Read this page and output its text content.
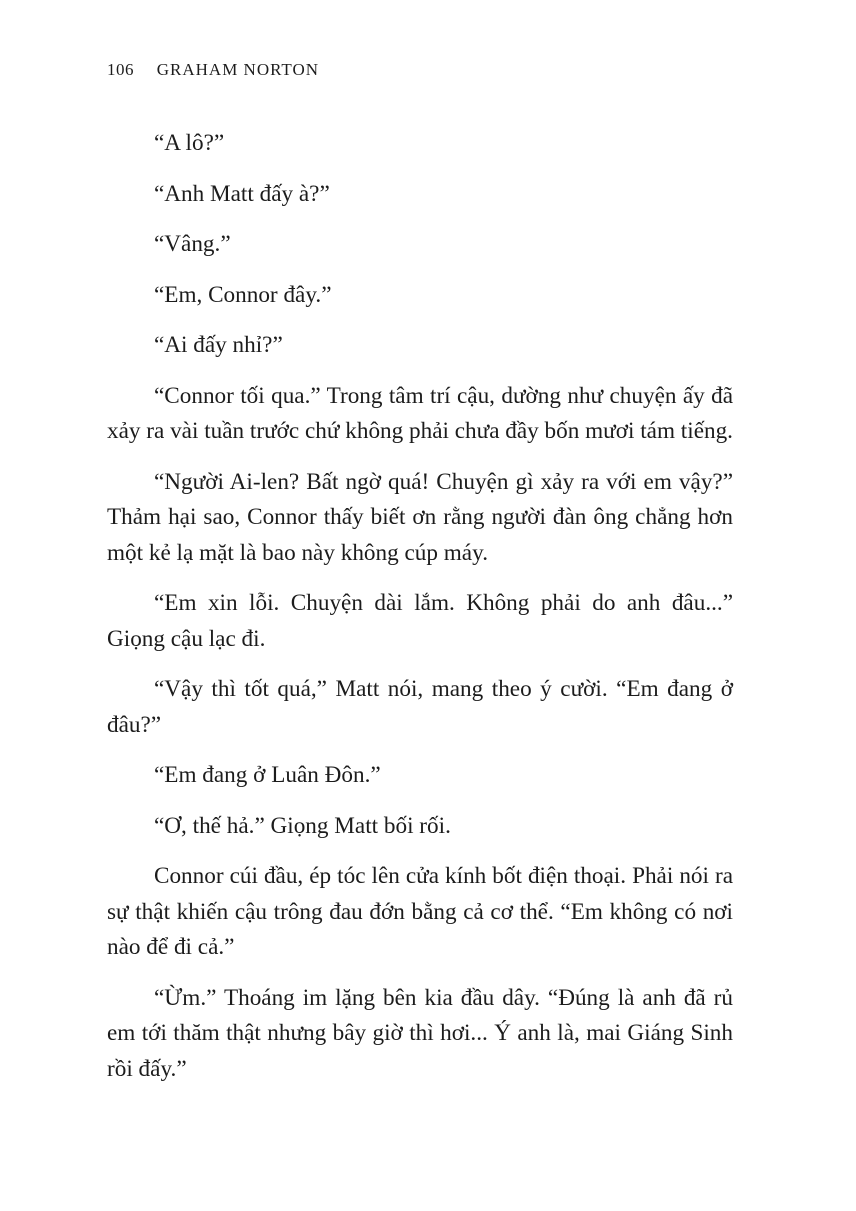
106 GRAHAM NORTON

“A lô?”

“Anh Matt đấy à?”

“Vâng.”

“Em, Connor đây.”

“Ai đấy nhỉ?”

“Connor tối qua.” Trong tâm trí cậu, dường như chuyện ấy đã xảy ra vài tuần trước chứ không phải chưa đầy bốn mươi tám tiếng.

“Người Ai-len? Bất ngờ quá! Chuyện gì xảy ra với em vậy?” Thảm hại sao, Connor thấy biết ơn rằng người đàn ông chẳng hơn một kẻ lạ mặt là bao này không cúp máy.

“Em xin lỗi. Chuyện dài lắm. Không phải do anh đâu...” Giọng cậu lạc đi.

“Vậy thì tốt quá,” Matt nói, mang theo ý cười. “Em đang ở đâu?”

“Em đang ở Luân Đôn.”

“Ơ, thế hả.” Giọng Matt bối rối.

Connor cúi đầu, ép tóc lên cửa kính bốt điện thoại. Phải nói ra sự thật khiến cậu trông đau đớn bằng cả cơ thể. “Em không có nơi nào để đi cả.”

“Ừm.” Thoáng im lặng bên kia đầu dây. “Đúng là anh đã rủ em tới thăm thật nhưng bây giờ thì hơi... Ý anh là, mai Giáng Sinh rồi đấy.”
